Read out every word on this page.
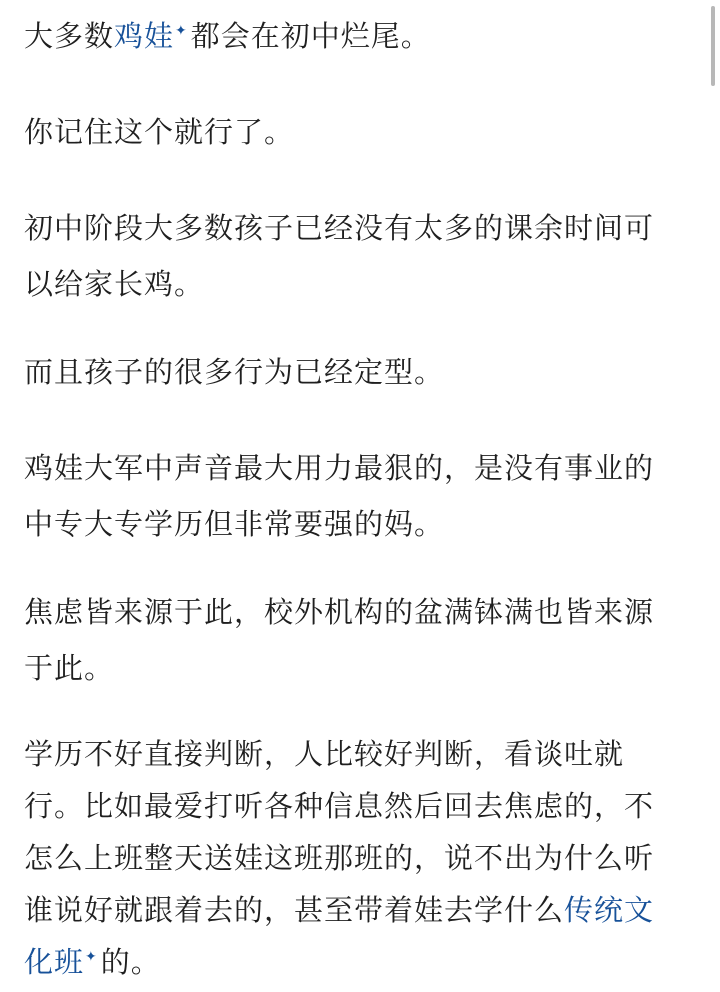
大多数鸡娃✦ 都会在初中烂尾。

你记住这个就行了。

初中阶段大多数孩子已经没有太多的课余时间可
以给家长鸡。

而且孩子的很多行为已经定型。

鸡娃大军中声音最大用力最狠的，是没有事业的
中专大专学历但非常要强的妈。
焦虑皆来源于此，校外机构的盆满钵满也皆来源
于此。
学历不好直接判断，人比较好判断，看谈吐就
行。比如最爱打听各种信息然后回去焦虑的，不
怎么上班整天送娃这班那班的，说不出为什么听
谁说好就跟着去的，甚至带着娃去学什么传统文
化班✦ 的。
